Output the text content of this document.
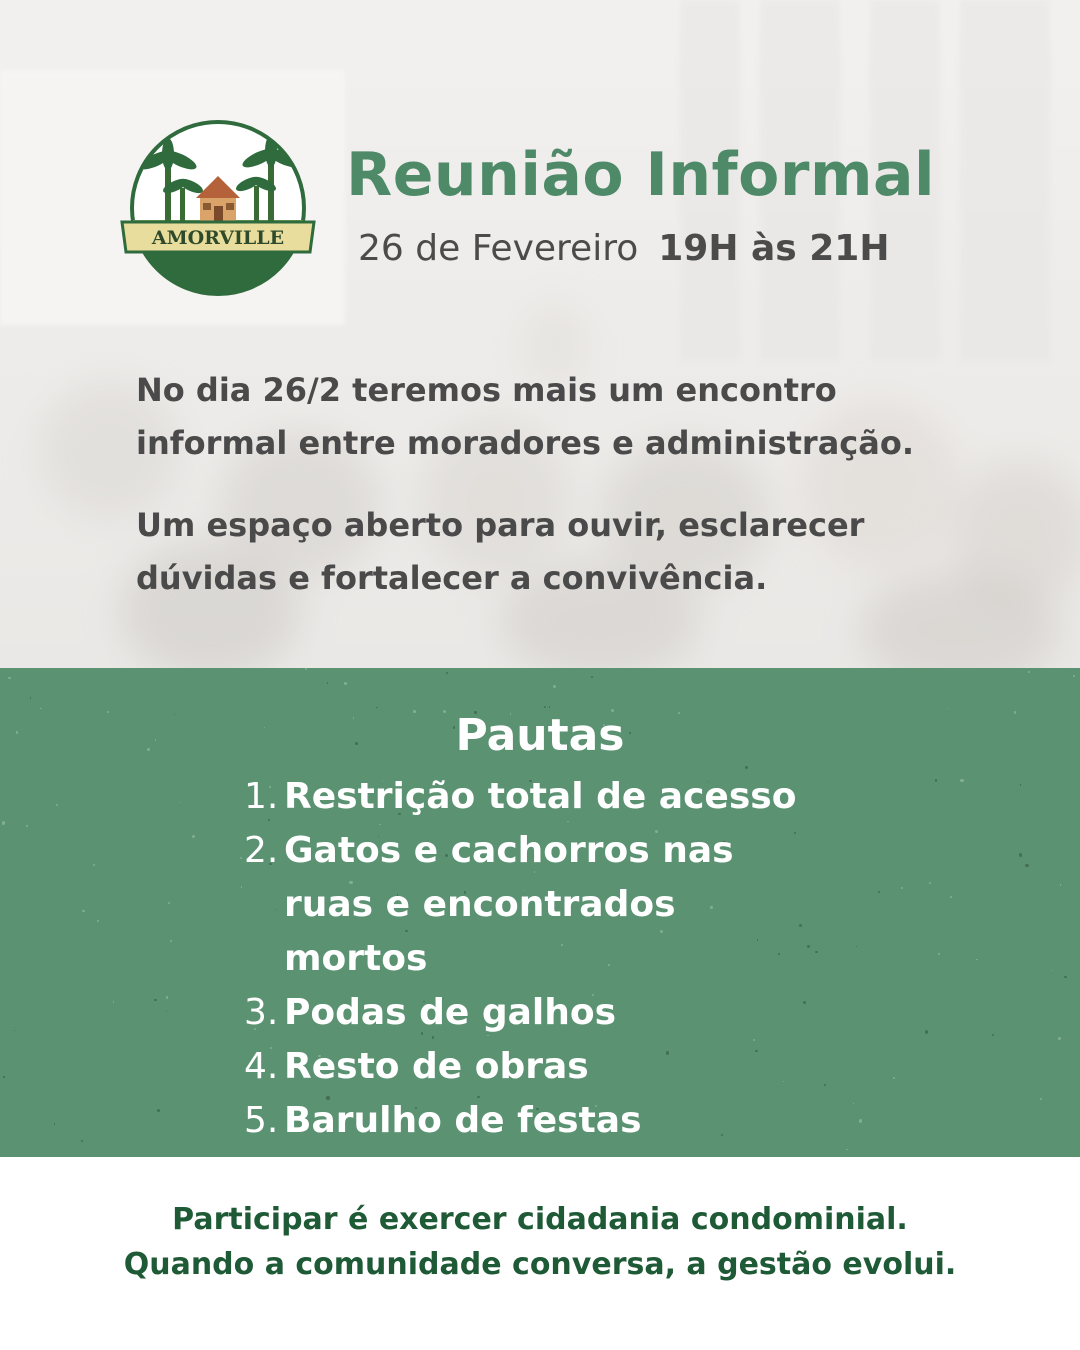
AMORVILLE
Reunião Informal
26 de Fevereiro 19H às 21H
No dia 26/2 teremos mais um encontro informal entre moradores e administração.
Um espaço aberto para ouvir, esclarecer dúvidas e fortalecer a convivência.
Pautas
1. Restrição total de acesso
2. Gatos e cachorros nas ruas e encontrados mortos
3. Podas de galhos
4. Resto de obras
5. Barulho de festas
Participar é exercer cidadania condominial.
Quando a comunidade conversa, a gestão evolui.
